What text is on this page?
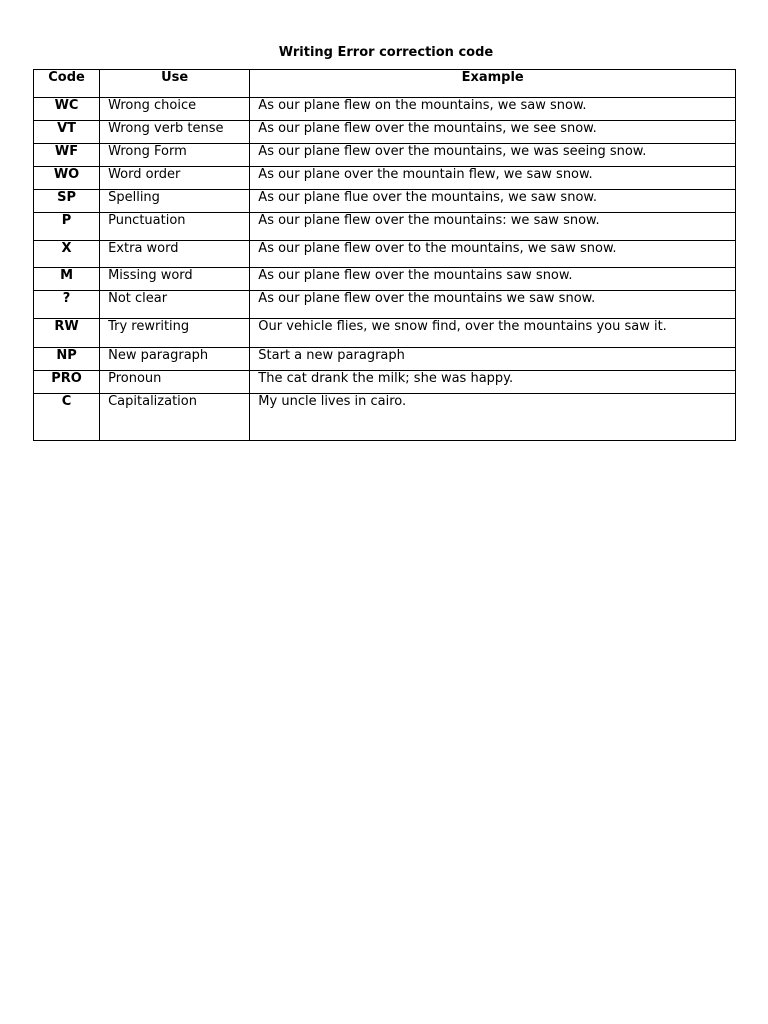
Writing Error correction code
Code	Use	Example
WC	Wrong choice	As our plane flew on the mountains, we saw snow.
VT	Wrong verb tense	As our plane flew over the mountains, we see snow.
WF	Wrong Form	As our plane flew over the mountains, we was seeing snow.
WO	Word order	As our plane over the mountain flew, we saw snow.
SP	Spelling	As our plane flue over the mountains, we saw snow.
P	Punctuation	As our plane flew over the mountains: we saw snow.
X	Extra word	As our plane flew over to the mountains, we saw snow.
M	Missing word	As our plane flew over the mountains saw snow.
?	Not clear	As our plane flew over the mountains we saw snow.
RW	Try rewriting	Our vehicle flies, we snow find, over the mountains you saw it.
NP	New paragraph	Start a new paragraph
PRO	Pronoun	The cat drank the milk; she was happy.
C	Capitalization	My uncle lives in cairo.
